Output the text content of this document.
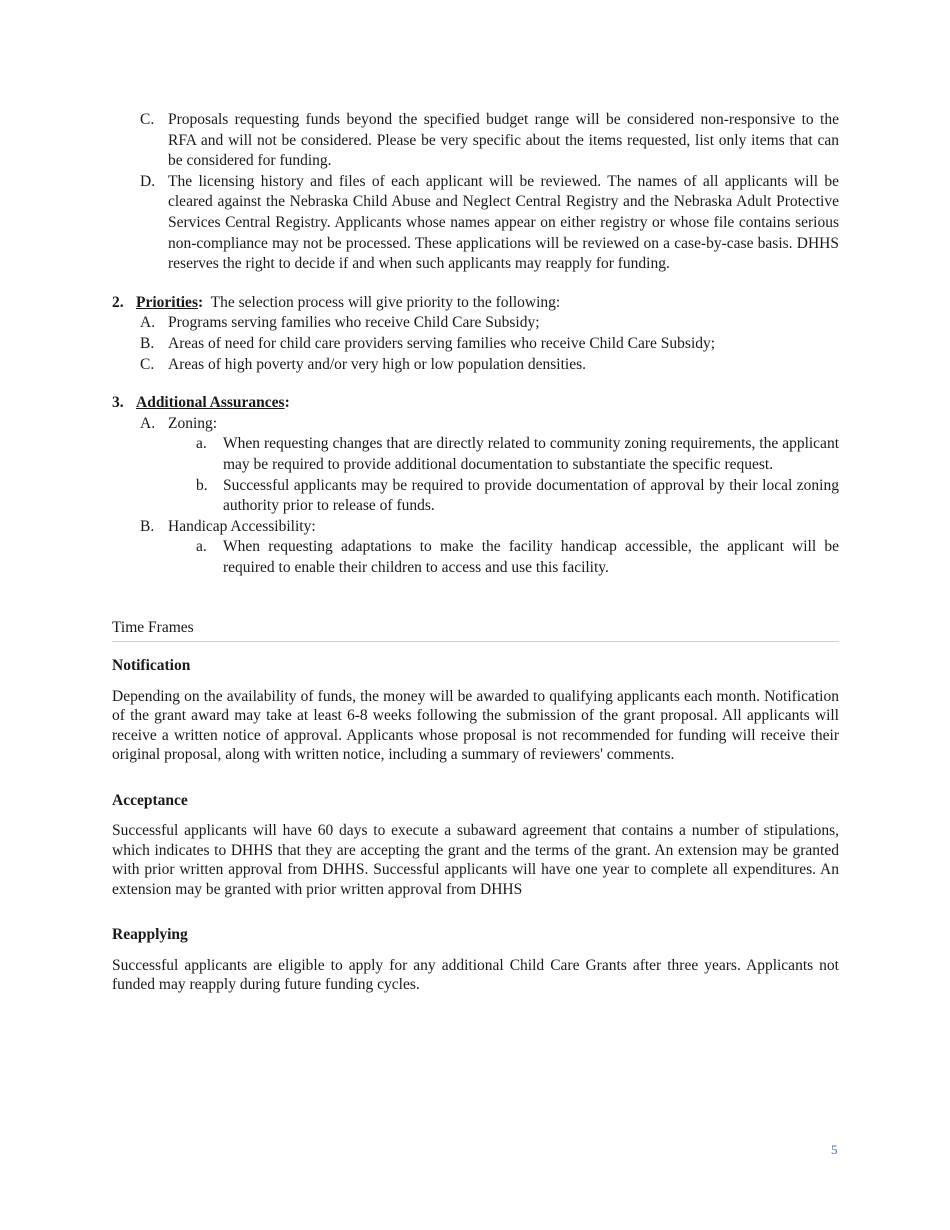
C. Proposals requesting funds beyond the specified budget range will be considered non-responsive to the RFA and will not be considered. Please be very specific about the items requested, list only items that can be considered for funding.
D. The licensing history and files of each applicant will be reviewed. The names of all applicants will be cleared against the Nebraska Child Abuse and Neglect Central Registry and the Nebraska Adult Protective Services Central Registry. Applicants whose names appear on either registry or whose file contains serious non-compliance may not be processed. These applications will be reviewed on a case-by-case basis. DHHS reserves the right to decide if and when such applicants may reapply for funding.
2. Priorities: The selection process will give priority to the following:
A. Programs serving families who receive Child Care Subsidy;
B. Areas of need for child care providers serving families who receive Child Care Subsidy;
C. Areas of high poverty and/or very high or low population densities.
3. Additional Assurances:
A. Zoning:
a. When requesting changes that are directly related to community zoning requirements, the applicant may be required to provide additional documentation to substantiate the specific request.
b. Successful applicants may be required to provide documentation of approval by their local zoning authority prior to release of funds.
B. Handicap Accessibility:
a. When requesting adaptations to make the facility handicap accessible, the applicant will be required to enable their children to access and use this facility.
Time Frames
Notification
Depending on the availability of funds, the money will be awarded to qualifying applicants each month. Notification of the grant award may take at least 6-8 weeks following the submission of the grant proposal. All applicants will receive a written notice of approval. Applicants whose proposal is not recommended for funding will receive their original proposal, along with written notice, including a summary of reviewers' comments.
Acceptance
Successful applicants will have 60 days to execute a subaward agreement that contains a number of stipulations, which indicates to DHHS that they are accepting the grant and the terms of the grant. An extension may be granted with prior written approval from DHHS. Successful applicants will have one year to complete all expenditures. An extension may be granted with prior written approval from DHHS
Reapplying
Successful applicants are eligible to apply for any additional Child Care Grants after three years. Applicants not funded may reapply during future funding cycles.
5
